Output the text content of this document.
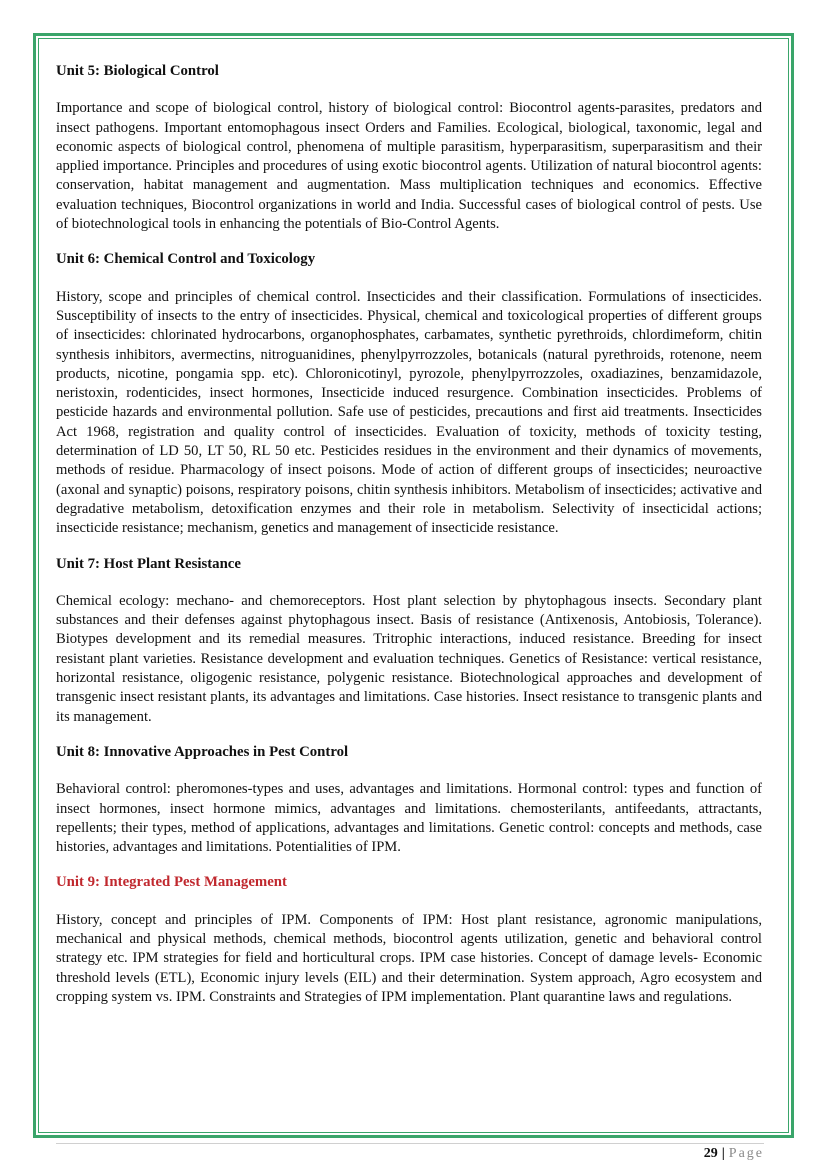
Unit 5: Biological Control

Importance and scope of biological control, history of biological control: Biocontrol agents-parasites, predators and insect pathogens. Important entomophagous insect Orders and Families. Ecological, biological, taxonomic, legal and economic aspects of biological control, phenomena of multiple parasitism, hyperparasitism, superparasitism and their applied importance. Principles and procedures of using exotic biocontrol agents. Utilization of natural biocontrol agents: conservation, habitat management and augmentation. Mass multiplication techniques and economics. Effective evaluation techniques, Biocontrol organizations in world and India. Successful cases of biological control of pests. Use of biotechnological tools in enhancing the potentials of Bio-Control Agents.

Unit 6: Chemical Control and Toxicology

History, scope and principles of chemical control. Insecticides and their classification. Formulations of insecticides. Susceptibility of insects to the entry of insecticides. Physical, chemical and toxicological properties of different groups of insecticides: chlorinated hydrocarbons, organophosphates, carbamates, synthetic pyrethroids, chlordimeform, chitin synthesis inhibitors, avermectins, nitroguanidines, phenylpyrrozzoles, botanicals (natural pyrethroids, rotenone, neem products, nicotine, pongamia spp. etc). Chloronicotinyl, pyrozole, phenylpyrrozzoles, oxadiazines, benzamidazole, neristoxin, rodenticides, insect hormones, Insecticide induced resurgence. Combination insecticides. Problems of pesticide hazards and environmental pollution. Safe use of pesticides, precautions and first aid treatments. Insecticides Act 1968, registration and quality control of insecticides. Evaluation of toxicity, methods of toxicity testing, determination of LD 50, LT 50, RL 50 etc. Pesticides residues in the environment and their dynamics of movements, methods of residue. Pharmacology of insect poisons. Mode of action of different groups of insecticides; neuroactive (axonal and synaptic) poisons, respiratory poisons, chitin synthesis inhibitors. Metabolism of insecticides; activative and degradative metabolism, detoxification enzymes and their role in metabolism. Selectivity of insecticidal actions; insecticide resistance; mechanism, genetics and management of insecticide resistance.

Unit 7: Host Plant Resistance

Chemical ecology: mechano- and chemoreceptors. Host plant selection by phytophagous insects. Secondary plant substances and their defenses against phytophagous insect. Basis of resistance (Antixenosis, Antobiosis, Tolerance). Biotypes development and its remedial measures. Tritrophic interactions, induced resistance. Breeding for insect resistant plant varieties. Resistance development and evaluation techniques. Genetics of Resistance: vertical resistance, horizontal resistance, oligogenic resistance, polygenic resistance. Biotechnological approaches and development of transgenic insect resistant plants, its advantages and limitations. Case histories. Insect resistance to transgenic plants and its management.

Unit 8: Innovative Approaches in Pest Control

Behavioral control: pheromones-types and uses, advantages and limitations. Hormonal control: types and function of insect hormones, insect hormone mimics, advantages and limitations. chemosterilants, antifeedants, attractants, repellents; their types, method of applications, advantages and limitations. Genetic control: concepts and methods, case histories, advantages and limitations. Potentialities of IPM.

Unit 9: Integrated Pest Management

History, concept and principles of IPM. Components of IPM: Host plant resistance, agronomic manipulations, mechanical and physical methods, chemical methods, biocontrol agents utilization, genetic and behavioral control strategy etc. IPM strategies for field and horticultural crops. IPM case histories. Concept of damage levels- Economic threshold levels (ETL), Economic injury levels (EIL) and their determination. System approach, Agro ecosystem and cropping system vs. IPM. Constraints and Strategies of IPM implementation. Plant quarantine laws and regulations.

29 | Page
